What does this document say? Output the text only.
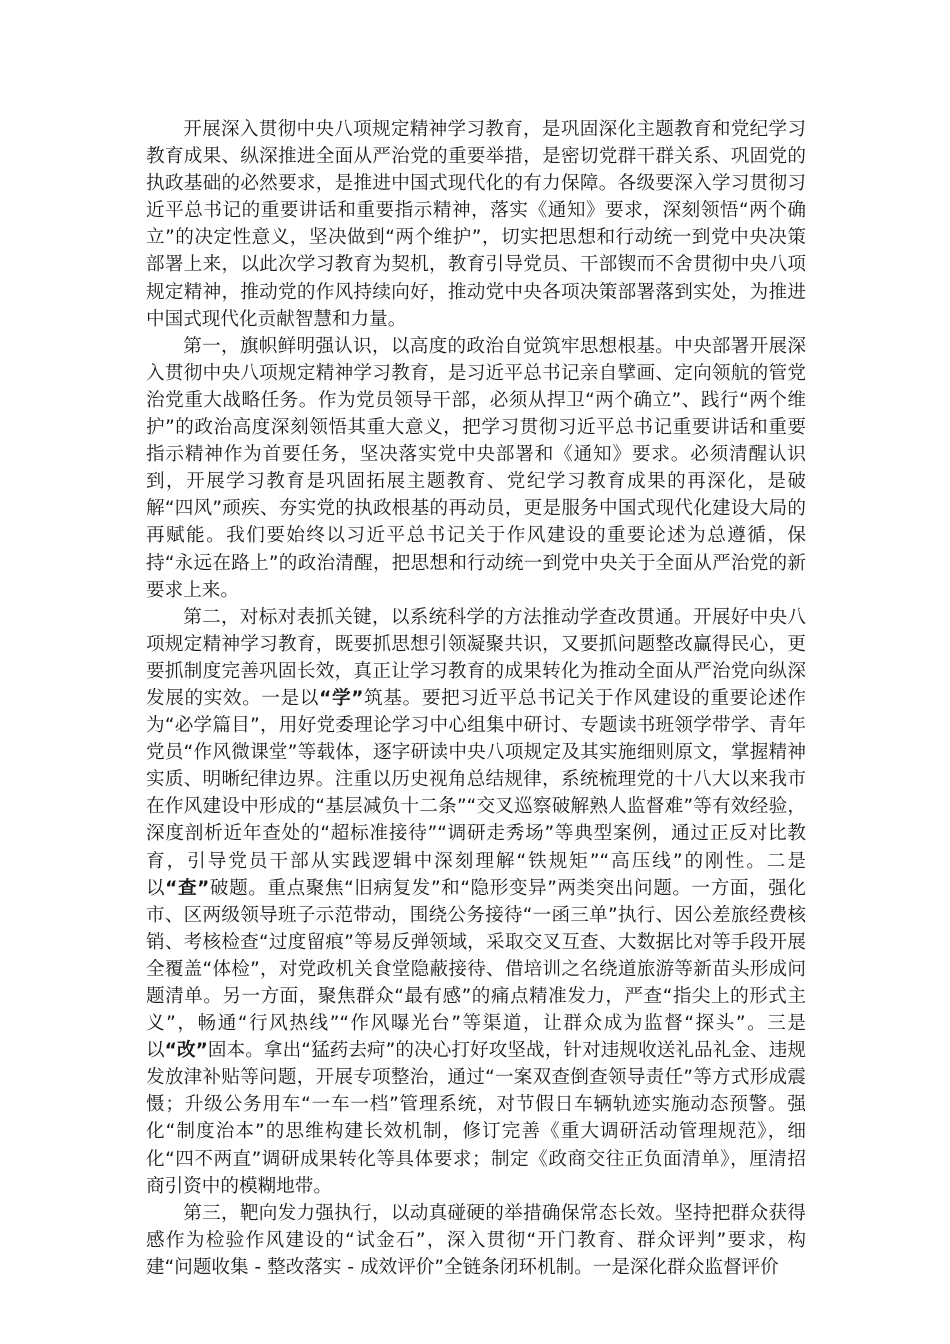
开展深入贯彻中央八项规定精神学习教育，是巩固深化主题教育和党纪学习教育成果、纵深推进全面从严治党的重要举措，是密切党群干群关系、巩固党的执政基础的必然要求，是推进中国式现代化的有力保障。各级要深入学习贯彻习近平总书记的重要讲话和重要指示精神，落实《通知》要求，深刻领悟“两个确立”的决定性意义，坚决做到“两个维护”，切实把思想和行动统一到党中央决策部署上来，以此次学习教育为契机，教育引导党员、干部锲而不舍贯彻中央八项规定精神，推动党的作风持续向好，推动党中央各项决策部署落到实处，为推进中国式现代化贡献智慧和力量。

第一，旗帜鲜明强认识，以高度的政治自觉筑牢思想根基。中央部署开展深入贯彻中央八项规定精神学习教育，是习近平总书记亲自擘画、定向领航的管党治党重大战略任务。作为党员领导干部，必须从捍卫“两个确立”、践行“两个维护”的政治高度深刻领悟其重大意义，把学习贯彻习近平总书记重要讲话和重要指示精神作为首要任务，坚决落实党中央部署和《通知》要求。必须清醒认识到，开展学习教育是巩固拓展主题教育、党纪学习教育成果的再深化，是破解“四风”顽疾、夯实党的执政根基的再动员，更是服务中国式现代化建设大局的再赋能。我们要始终以习近平总书记关于作风建设的重要论述为总遵循，保持“永远在路上”的政治清醒，把思想和行动统一到党中央关于全面从严治党的新要求上来。

第二，对标对表抓关键，以系统科学的方法推动学查改贯通。开展好中央八项规定精神学习教育，既要抓思想引领凝聚共识，又要抓问题整改赢得民心，更要抓制度完善巩固长效，真正让学习教育的成果转化为推动全面从严治党向纵深发展的实效。一是以“学”筑基。要把习近平总书记关于作风建设的重要论述作为“必学篇目”，用好党委理论学习中心组集中研讨、专题读书班领学带学、青年党员“作风微课堂”等载体，逐字研读中央八项规定及其实施细则原文，掌握精神实质、明晰纪律边界。注重以历史视角总结规律，系统梳理党的十八大以来我市在作风建设中形成的“基层减负十二条”“交叉巡察破解熟人监督难”等有效经验，深度剖析近年查处的“超标准接待”“调研走秀场”等典型案例，通过正反对比教育，引导党员干部从实践逻辑中深刻理解“铁规矩”“高压线”的刚性。二是以“查”破题。重点聚焦“旧病复发”和“隐形变异”两类突出问题。一方面，强化市、区两级领导班子示范带动，围绕公务接待“一函三单”执行、因公差旅经费核销、考核检查“过度留痕”等易反弹领域，采取交叉互查、大数据比对等手段开展全覆盖“体检”，对党政机关食堂隐蔽接待、借培训之名绕道旅游等新苗头形成问题清单。另一方面，聚焦群众“最有感”的痛点精准发力，严查“指尖上的形式主义”，畅通“行风热线”“作风曝光台”等渠道，让群众成为监督“探头”。三是以“改”固本。拿出“猛药去疴”的决心打好攻坚战，针对违规收送礼品礼金、违规发放津补贴等问题，开展专项整治，通过“一案双查倒查领导责任”等方式形成震慑；升级公务用车“一车一档”管理系统，对节假日车辆轨迹实施动态预警。强化“制度治本”的思维构建长效机制，修订完善《重大调研活动管理规范》，细化“四不两直”调研成果转化等具体要求；制定《政商交往正负面清单》，厘清招商引资中的模糊地带。

第三，靶向发力强执行，以动真碰硬的举措确保常态长效。坚持把群众获得感作为检验作风建设的“试金石”，深入贯彻“开门教育、群众评判”要求，构建“问题收集 - 整改落实 - 成效评价”全链条闭环机制。一是深化群众监督评价
